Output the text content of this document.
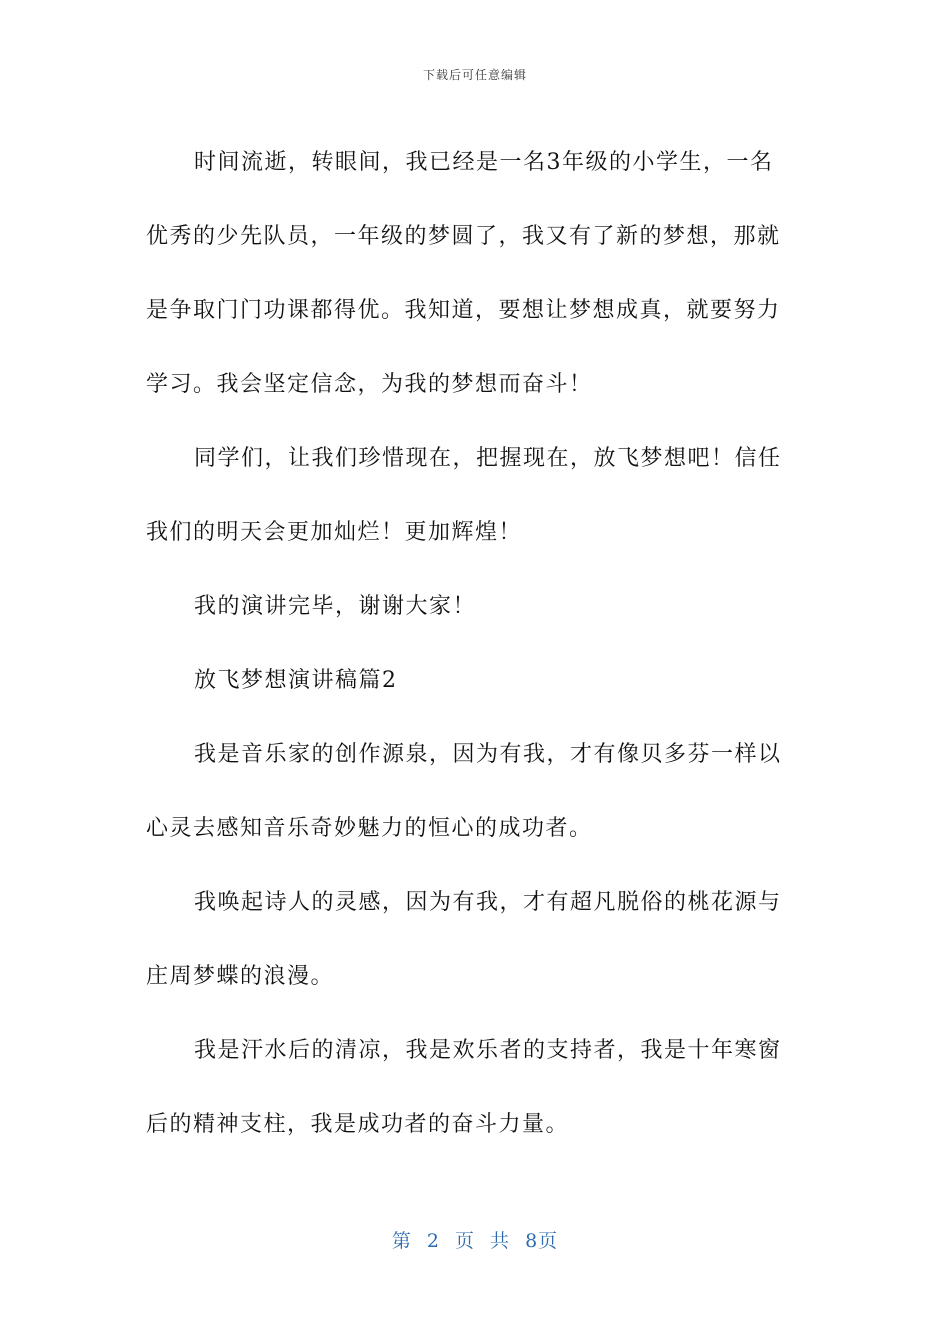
下载后可任意编辑
时间流逝，转眼间，我已经是一名3年级的小学生，一名
优秀的少先队员，一年级的梦圆了，我又有了新的梦想，那就
是争取门门功课都得优。我知道，要想让梦想成真，就要努力
学习。我会坚定信念，为我的梦想而奋斗！
同学们，让我们珍惜现在，把握现在，放飞梦想吧！信任
我们的明天会更加灿烂！更加辉煌！
我的演讲完毕，谢谢大家！
放飞梦想演讲稿篇2
我是音乐家的创作源泉，因为有我，才有像贝多芬一样以
心灵去感知音乐奇妙魅力的恒心的成功者。
我唤起诗人的灵感，因为有我，才有超凡脱俗的桃花源与
庄周梦蝶的浪漫。
我是汗水后的清凉，我是欢乐者的支持者，我是十年寒窗
后的精神支柱，我是成功者的奋斗力量。
第 2 页 共 8页
